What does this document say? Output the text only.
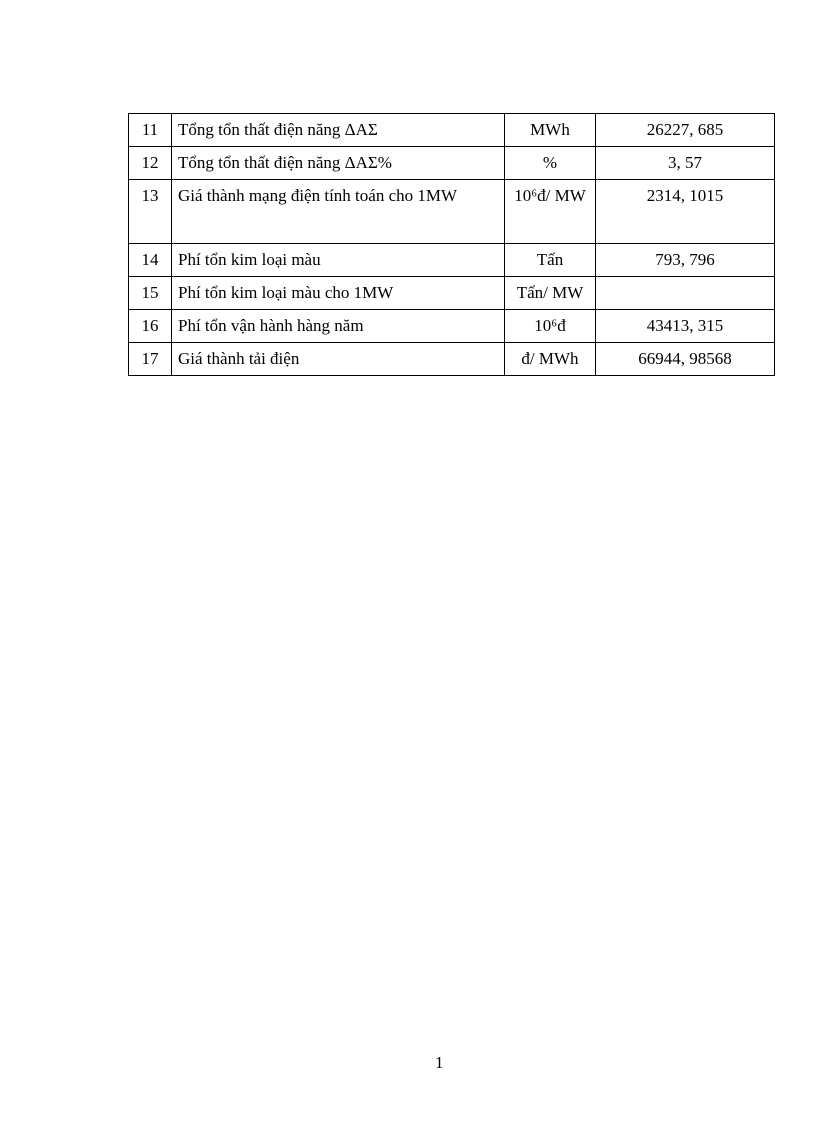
11	Tổng tổn thất điện năng ΔAΣ	MWh	26227, 685
12	Tổng tổn thất điện năng ΔAΣ%	%	3, 57
13	Giá thành mạng điện tính toán cho 1MW	10⁶đ/ MW	2314, 1015
14	Phí tổn kim loại màu	Tấn	793, 796
15	Phí tổn kim loại màu cho 1MW	Tấn/ MW	
16	Phí tổn vận hành hàng năm	10⁶đ	43413, 315
17	Giá thành tải điện	đ/ MWh	66944, 98568
1
